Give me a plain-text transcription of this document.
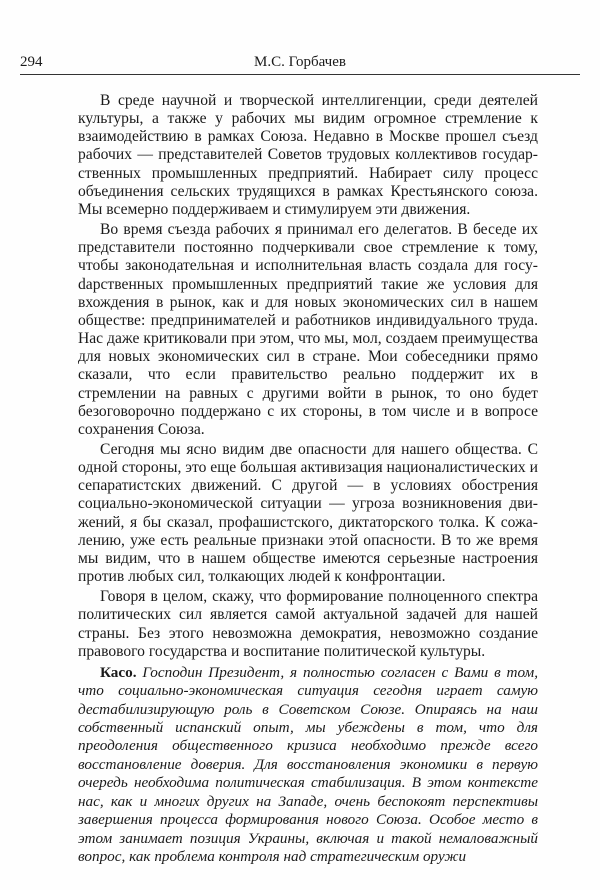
294	М.С. Горбачев

В среде научной и творческой интеллигенции, среди деятелей культуры, а также у рабочих мы видим огромное стремление к взаимодействию в рамках Союза. Недавно в Москве прошел съезд рабочих — представителей Советов трудовых коллективов государственных промышленных предприятий. Набирает силу процесс объединения сельских трудящихся в рамках Крестьянского союза. Мы всемерно поддерживаем и стимулируем эти движения.

Во время съезда рабочих я принимал его делегатов. В беседе их представители постоянно подчеркивали свое стремление к тому, чтобы законодательная и исполнительная власть создала для госуdарственных промышленных предприятий такие же условия для вхождения в рынок, как и для новых экономических сил в нашем обществе: предпринимателей и работников индивидуального труда. Нас даже критиковали при этом, что мы, мол, создаем преимущества для новых экономических сил в стране. Мои собеседники прямо сказали, что если правительство реально поддержит их в стремлении на равных с другими войти в рынок, то оно будет безоговорочно поддержано с их стороны, в том числе и в вопросе сохранения Союза.

Сегодня мы ясно видим две опасности для нашего общества. С одной стороны, это еще большая активизация националистических и сепаратистских движений. С другой — в условиях обострения социально-экономической ситуации — угроза возникновения движений, я бы сказал, профашистского, диктаторского толка. К сожалению, уже есть реальные признаки этой опасности. В то же время мы видим, что в нашем обществе имеются серьезные настроения против любых сил, толкающих людей к конфронтации.

Говоря в целом, скажу, что формирование полноценного спектра политических сил является самой актуальной задачей для нашей страны. Без этого невозможна демократия, невозможно создание правового государства и воспитание политической культуры.

Касо. Господин Президент, я полностью согласен с Вами в том, что социально-экономическая ситуация сегодня играет самую дестабилизирующую роль в Советском Союзе. Опираясь на наш собственный испанский опыт, мы убеждены в том, что для преодоления общественного кризиса необходимо прежде всего восстановление доверия. Для восстановления экономики в первую очередь необходима политическая стабилизация. В этом контексте нас, как и многих других на Западе, очень беспокоят перспективы завершения процесса формирования нового Союза. Особое место в этом занимает позиция Украины, включая и такой немаловажный вопрос, как проблема контроля над стратегическим оружи
